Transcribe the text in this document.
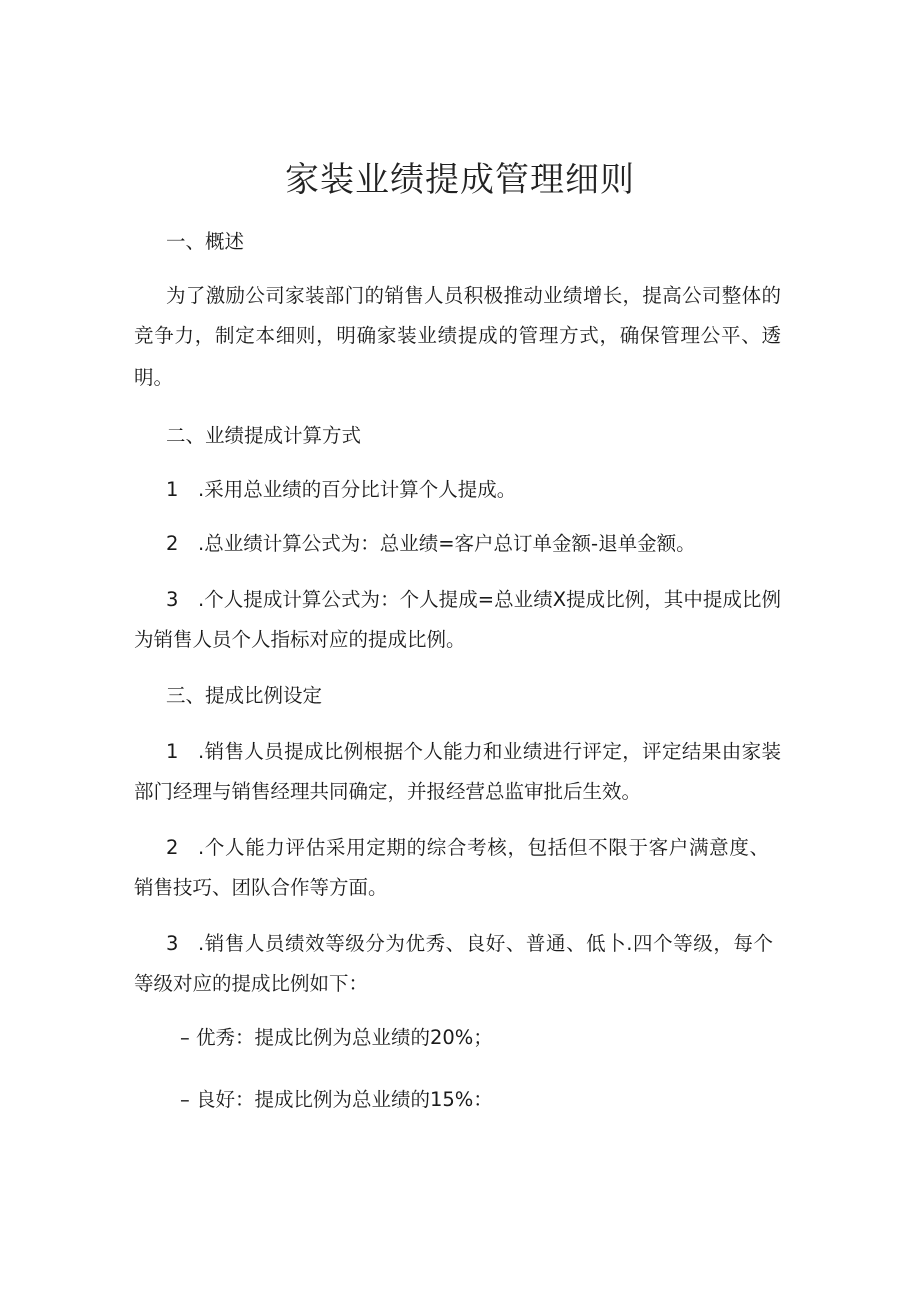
家装业绩提成管理细则
一、概述
为了激励公司家装部门的销售人员积极推动业绩增长，提高公司整体的
竞争力，制定本细则，明确家装业绩提成的管理方式，确保管理公平、透
明。
二、业绩提成计算方式
1 .采用总业绩的百分比计算个人提成。
2 .总业绩计算公式为：总业绩=客户总订单金额-退单金额。
3 .个人提成计算公式为：个人提成=总业绩X提成比例，其中提成比例
为销售人员个人指标对应的提成比例。
三、提成比例设定
1 .销售人员提成比例根据个人能力和业绩进行评定，评定结果由家装
部门经理与销售经理共同确定，并报经营总监审批后生效。
2 .个人能力评估采用定期的综合考核，包括但不限于客户满意度、
销售技巧、团队合作等方面。
3 .销售人员绩效等级分为优秀、良好、普通、低卜.四个等级，每个
等级对应的提成比例如下：
– 优秀：提成比例为总业绩的20%；
– 良好：提成比例为总业绩的15%：
